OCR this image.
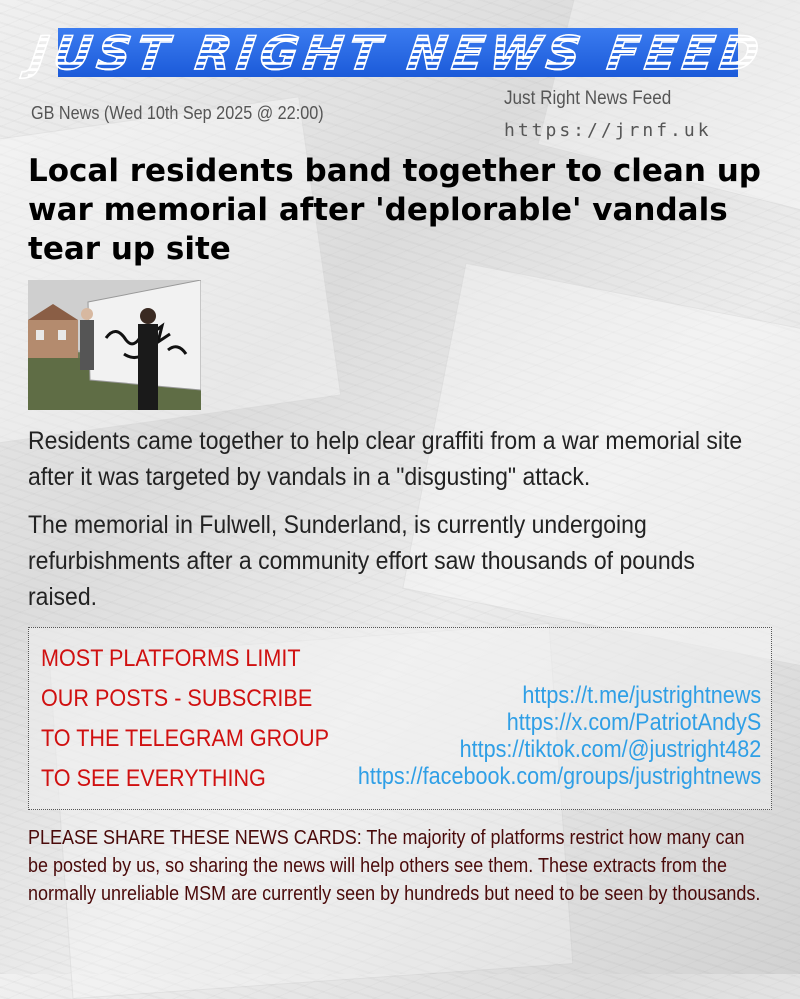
JUST RIGHT NEWS FEED
GB News (Wed 10th Sep 2025 @ 22:00)
Just Right News Feed
https://jrnf.uk
Local residents band together to clean up war memorial after 'deplorable' vandals tear up site

Residents came together to help clear graffiti from a war memorial site after it was targeted by vandals in a "disgusting" attack.

The memorial in Fulwell, Sunderland, is currently undergoing refurbishments after a community effort saw thousands of pounds raised.

MOST PLATFORMS LIMIT
OUR POSTS - SUBSCRIBE
TO THE TELEGRAM GROUP
TO SEE EVERYTHING
https://t.me/justrightnews
https://x.com/PatriotAndyS
https://tiktok.com/@justright482
https://facebook.com/groups/justrightnews

PLEASE SHARE THESE NEWS CARDS: The majority of platforms restrict how many can be posted by us, so sharing the news will help others see them. These extracts from the normally unreliable MSM are currently seen by hundreds but need to be seen by thousands.
